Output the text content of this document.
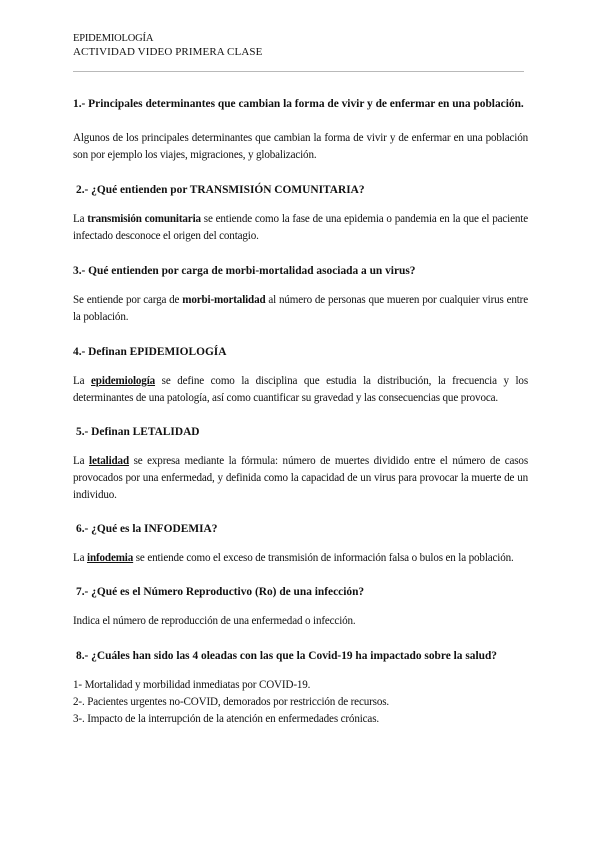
EPIDEMIOLOGÍA
ACTIVIDAD VIDEO PRIMERA CLASE

1.- Principales determinantes que cambian la forma de vivir y de enfermar en una población.

Algunos de los principales determinantes que cambian la forma de vivir y de enfermar en una población son por ejemplo los viajes, migraciones, y globalización.

2.- ¿Qué entienden por TRANSMISIÓN COMUNITARIA?

La transmisión comunitaria se entiende como la fase de una epidemia o pandemia en la que el paciente infectado desconoce el origen del contagio.

3.- Qué entienden por carga de morbi-mortalidad asociada a un virus?

Se entiende por carga de morbi-mortalidad al número de personas que mueren por cualquier virus entre la población.

4.- Definan EPIDEMIOLOGÍA

La epidemiología se define como la disciplina que estudia la distribución, la frecuencia y los determinantes de una patología, así como cuantificar su gravedad y las consecuencias que provoca.

5.- Definan LETALIDAD

La letalidad se expresa mediante la fórmula: número de muertes dividido entre el número de casos provocados por una enfermedad, y definida como la capacidad de un virus para provocar la muerte de un individuo.

6.- ¿Qué es la INFODEMIA?

La infodemia se entiende como el exceso de transmisión de información falsa o bulos en la población.

7.- ¿Qué es el Número Reproductivo (Ro) de una infección?

Indica el número de reproducción de una enfermedad o infección.

8.- ¿Cuáles han sido las 4 oleadas con las que la Covid-19 ha impactado sobre la salud?

1- Mortalidad y morbilidad inmediatas por COVID-19.

2-. Pacientes urgentes no-COVID, demorados por restricción de recursos.

3-. Impacto de la interrupción de la atención en enfermedades crónicas.
